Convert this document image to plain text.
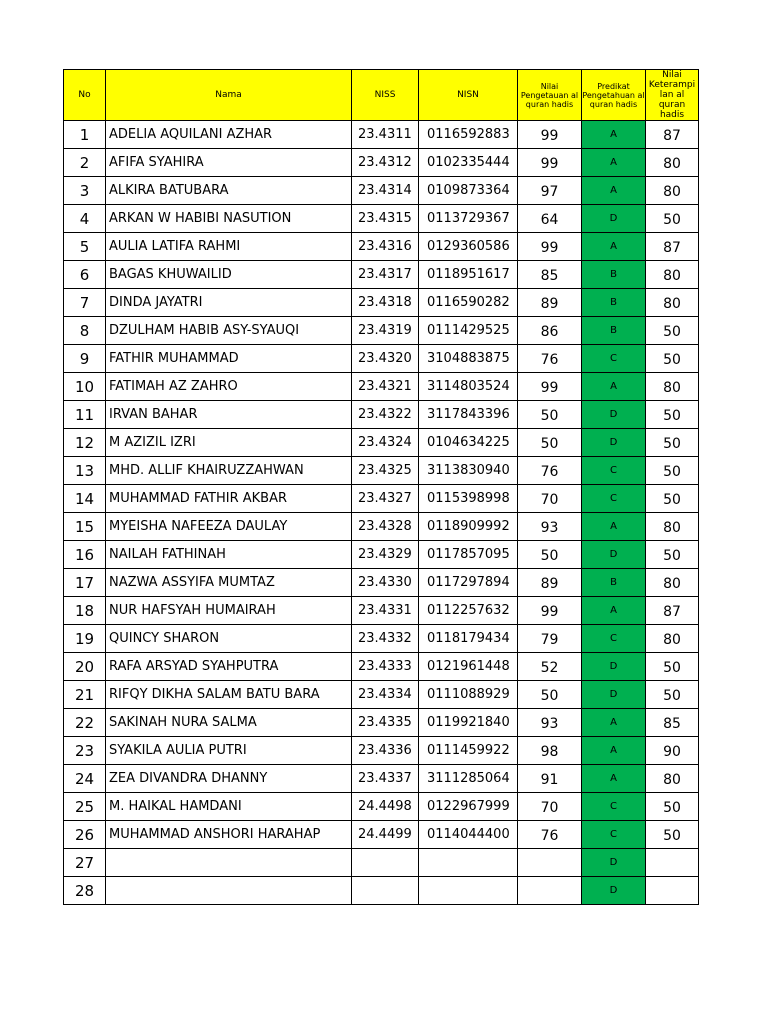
No	Nama	NISS	NISN	Nilai Pengetauan al quran hadis	Predikat Pengetahuan al quran hadis	Nilai Keterampi lan al quran hadis
1	ADELIA AQUILANI AZHAR	23.4311	0116592883	99	A	87
2	AFIFA SYAHIRA	23.4312	0102335444	99	A	80
3	ALKIRA BATUBARA	23.4314	0109873364	97	A	80
4	ARKAN W HABIBI NASUTION	23.4315	0113729367	64	D	50
5	AULIA LATIFA RAHMI	23.4316	0129360586	99	A	87
6	BAGAS KHUWAILID	23.4317	0118951617	85	B	80
7	DINDA JAYATRI	23.4318	0116590282	89	B	80
8	DZULHAM HABIB ASY-SYAUQI	23.4319	0111429525	86	B	50
9	FATHIR MUHAMMAD	23.4320	3104883875	76	C	50
10	FATIMAH AZ ZAHRO	23.4321	3114803524	99	A	80
11	IRVAN BAHAR	23.4322	3117843396	50	D	50
12	M AZIZIL IZRI	23.4324	0104634225	50	D	50
13	MHD. ALLIF KHAIRUZZAHWAN	23.4325	3113830940	76	C	50
14	MUHAMMAD FATHIR AKBAR	23.4327	0115398998	70	C	50
15	MYEISHA NAFEEZA DAULAY	23.4328	0118909992	93	A	80
16	NAILAH FATHINAH	23.4329	0117857095	50	D	50
17	NAZWA ASSYIFA MUMTAZ	23.4330	0117297894	89	B	80
18	NUR HAFSYAH HUMAIRAH	23.4331	0112257632	99	A	87
19	QUINCY SHARON	23.4332	0118179434	79	C	80
20	RAFA ARSYAD SYAHPUTRA	23.4333	0121961448	52	D	50
21	RIFQY DIKHA SALAM BATU BARA	23.4334	0111088929	50	D	50
22	SAKINAH NURA SALMA	23.4335	0119921840	93	A	85
23	SYAKILA AULIA PUTRI	23.4336	0111459922	98	A	90
24	ZEA DIVANDRA DHANNY	23.4337	3111285064	91	A	80
25	M. HAIKAL HAMDANI	24.4498	0122967999	70	C	50
26	MUHAMMAD ANSHORI HARAHAP	24.4499	0114044400	76	C	50
27					D	
28					D	
